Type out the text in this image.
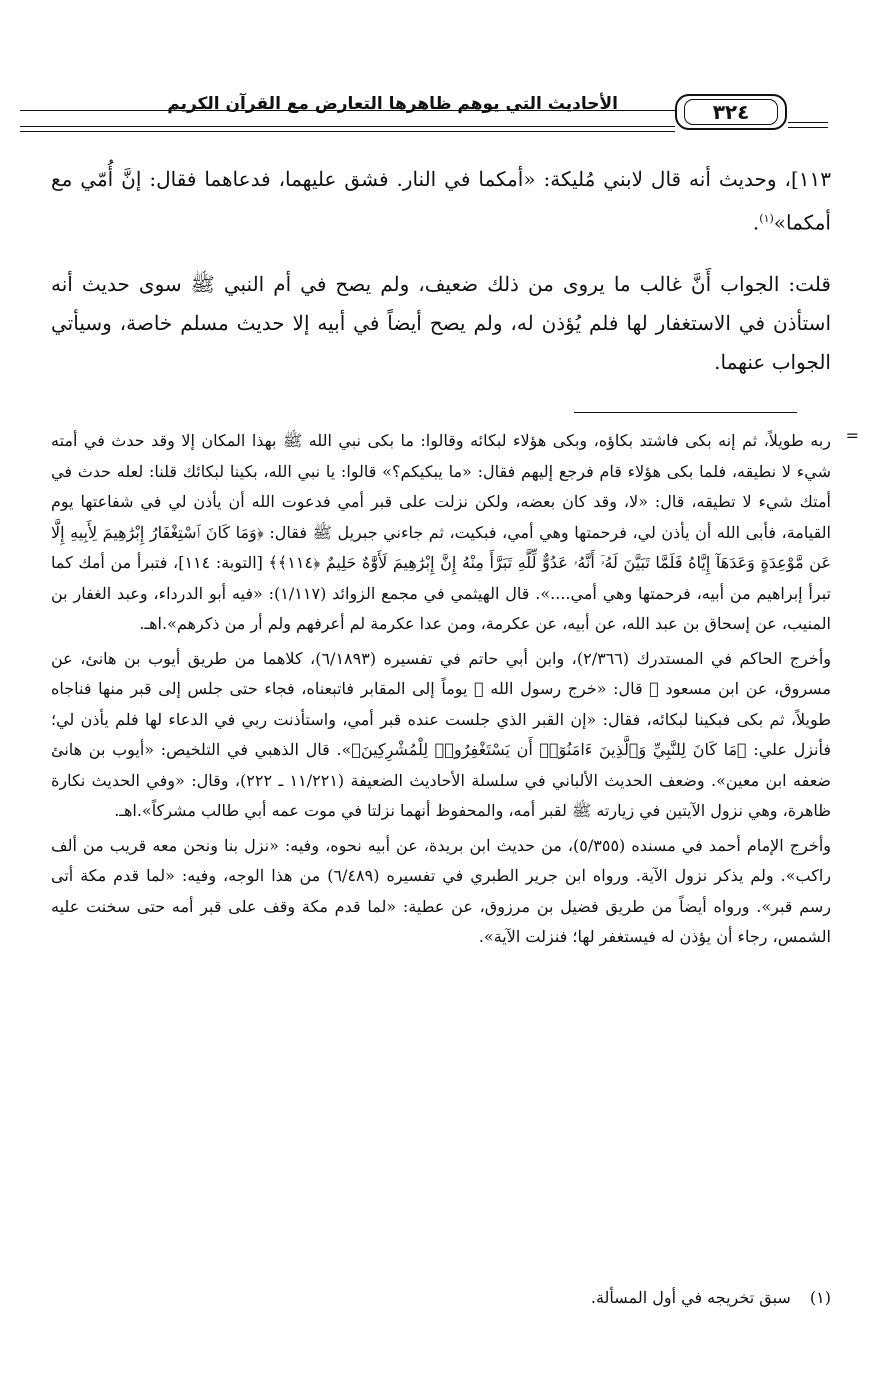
٣٢٤
الأحاديث التي يوهم ظاهرها التعارض مع القرآن الكريم

١١٣]، وحديث أنه قال لابني مُليكة: «أمكما في النار. فشق عليهما، فدعاهما فقال: إنَّ أُمّي مع أمكما»$^{(١)}$.

قلت: الجواب أَنَّ غالب ما يروى من ذلك ضعيف، ولم يصح في أم النبي ﷺ سوى حديث أنه استأذن في الاستغفار لها فلم يُؤذن له، ولم يصح أيضاً في أبيه إلا حديث مسلم خاصة، وسيأتي الجواب عنهما.

=

ربه طويلاً، ثم إنه بكى فاشتد بكاؤه، وبكى هؤلاء لبكائه وقالوا: ما بكى نبي الله ﷺ بهذا المكان إلا وقد حدث في أمته شيء لا نطيقه، فلما بكى هؤلاء قام فرجع إليهم فقال: «ما يبكيكم؟» قالوا: يا نبي الله، بكينا لبكائك قلنا: لعله حدث في أمتك شيء لا تطيقه، قال: «لا، وقد كان بعضه، ولكن نزلت على قبر أمي فدعوت الله أن يأذن لي في شفاعتها يوم القيامة، فأبى الله أن يأذن لي، فرحمتها وهي أمي، فبكيت، ثم جاءني جبريل ﷺ فقال: ﴿وَمَا كَانَ ٱسْتِغْفَارُ إِبْرَٰهِيمَ لِأَبِيهِ إِلَّا عَن مَّوْعِدَةٍ وَعَدَهَآ إِيَّاهُ فَلَمَّا تَبَيَّنَ لَهُۥٓ أَنَّهُۥ عَدُوٌّ لِّلَّهِ تَبَرَّأَ مِنْهُ إِنَّ إِبْرَٰهِيمَ لَأَوَّٰهٌ حَلِيمٌ ﴿١١٤﴾﴾ [التوبة: ١١٤]، فتبرأ من أمك كما تبرأ إبراهيم من أبيه، فرحمتها وهي أمي....». قال الهيثمي في مجمع الزوائد (١/١١٧): «فيه أبو الدرداء، وعبد الغفار بن المنيب، عن إسحاق بن عبد الله، عن أبيه، عن عكرمة، ومن عدا عكرمة لم أعرفهم ولم أر من ذكرهم».اهـ.

وأخرج الحاكم في المستدرك (٢/٣٦٦)، وابن أبي حاتم في تفسيره (٦/١٨٩٣)، كلاهما من طريق أيوب بن هانئ، عن مسروق، عن ابن مسعود ﷺ قال: «خرج رسول الله ﷺ يوماً إلى المقابر فاتبعناه، فجاء حتى جلس إلى قبر منها فناجاه طويلاً، ثم بكى فبكينا لبكائه، فقال: «إن القبر الذي جلست عنده قبر أمي، واستأذنت ربي في الدعاء لها فلم يأذن لي؛ فأنزل علي: ﴿مَا كَانَ لِلنَّبِيِّ وَٱلَّذِينَ ءَامَنُوٓا۟ أَن يَسْتَغْفِرُوا۟ لِلْمُشْرِكِينَ﴾». قال الذهبي في التلخيص: «أيوب بن هانئ ضعفه ابن معين». وضعف الحديث الألباني في سلسلة الأحاديث الضعيفة (١١/٢٢١ ـ ٢٢٢)، وقال: «وفي الحديث نكارة ظاهرة، وهي نزول الآيتين في زيارته ﷺ لقبر أمه، والمحفوظ أنهما نزلتا في موت عمه أبي طالب مشركاً».اهـ.

وأخرج الإمام أحمد في مسنده (٥/٣٥٥)، من حديث ابن بريدة، عن أبيه نحوه، وفيه: «نزل بنا ونحن معه قريب من ألف راكب». ولم يذكر نزول الآية. ورواه ابن جرير الطبري في تفسيره (٦/٤٨٩) من هذا الوجه، وفيه: «لما قدم مكة أتى رسم قبر». ورواه أيضاً من طريق فضيل بن مرزوق، عن عطية: «لما قدم مكة وقف على قبر أمه حتى سخنت عليه الشمس، رجاء أن يؤذن له فيستغفر لها؛ فنزلت الآية».

(١) سبق تخريجه في أول المسألة.
